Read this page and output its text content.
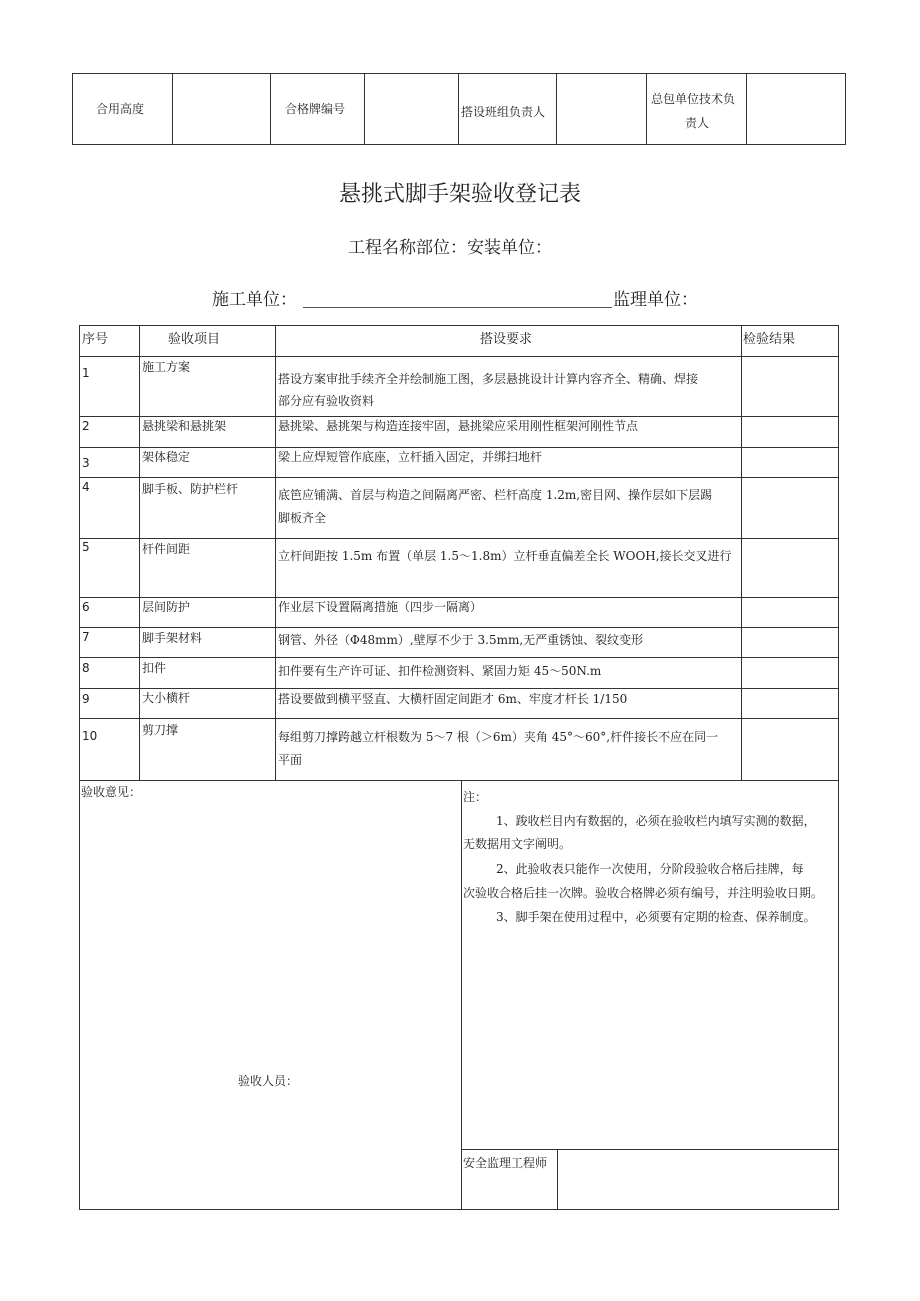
合用高度	合格牌编号	搭设班组负责人
总包单位技术负
责人
悬挑式脚手架验收登记表
工程名称部位：安装单位：
施工单位：	监理单位：
序号	验收项目	搭设要求	检验结果
1	施工方案
搭设方案审批手续齐全并绘制施工图，多层悬挑设计计算内容齐全、精确、焊接
部分应有验收资料
2	悬挑梁和悬挑架	悬挑梁、悬挑架与构造连接牢固，悬挑梁应采用刚性框架河刚性节点
3	架体稳定	梁上应焊短管作底座，立杆插入固定，并绑扫地杆
4	脚手板、防护栏杆	底笆应铺满、首层与构造之间隔离严密、栏杆高度 1.2m,密目网、操作层如下层踢
脚板齐全
5	杆件间距	立杆间距按 1.5m 布置（单层 1.5～1.8m）立杆垂直偏差全长 WOOH,接长交叉进行
6	层间防护	作业层下设置隔离措施（四步一隔离）
7	脚手架材料	钢管、外径（Φ48mm）,壁厚不少于 3.5mm,无严重锈蚀、裂纹变形
8	扣件	扣件要有生产许可证、扣件检测资料、紧固力矩 45～50N.m
9	大小横杆	搭设要做到横平竖直、大横杆固定间距才 6m、牢度才杆长 1/150
10	剪刀撑	每组剪刀撑跨越立杆根数为 5～7 根（＞6m）夹角 45°～60°,杆件接长不应在同一
平面
验收意见：
验收人员：
注：
1、踆收栏目内有数据的，必须在验收栏内填写实测的数据，
无数据用文字阐明。
2、此验收表只能作一次使用，分阶段验收合格后挂牌，每
次验收合格后挂一次牌。验收合格牌必须有编号，并注明验收日期。
3、脚手架在使用过程中，必须要有定期的检查、保养制度。
安全监理工程师
